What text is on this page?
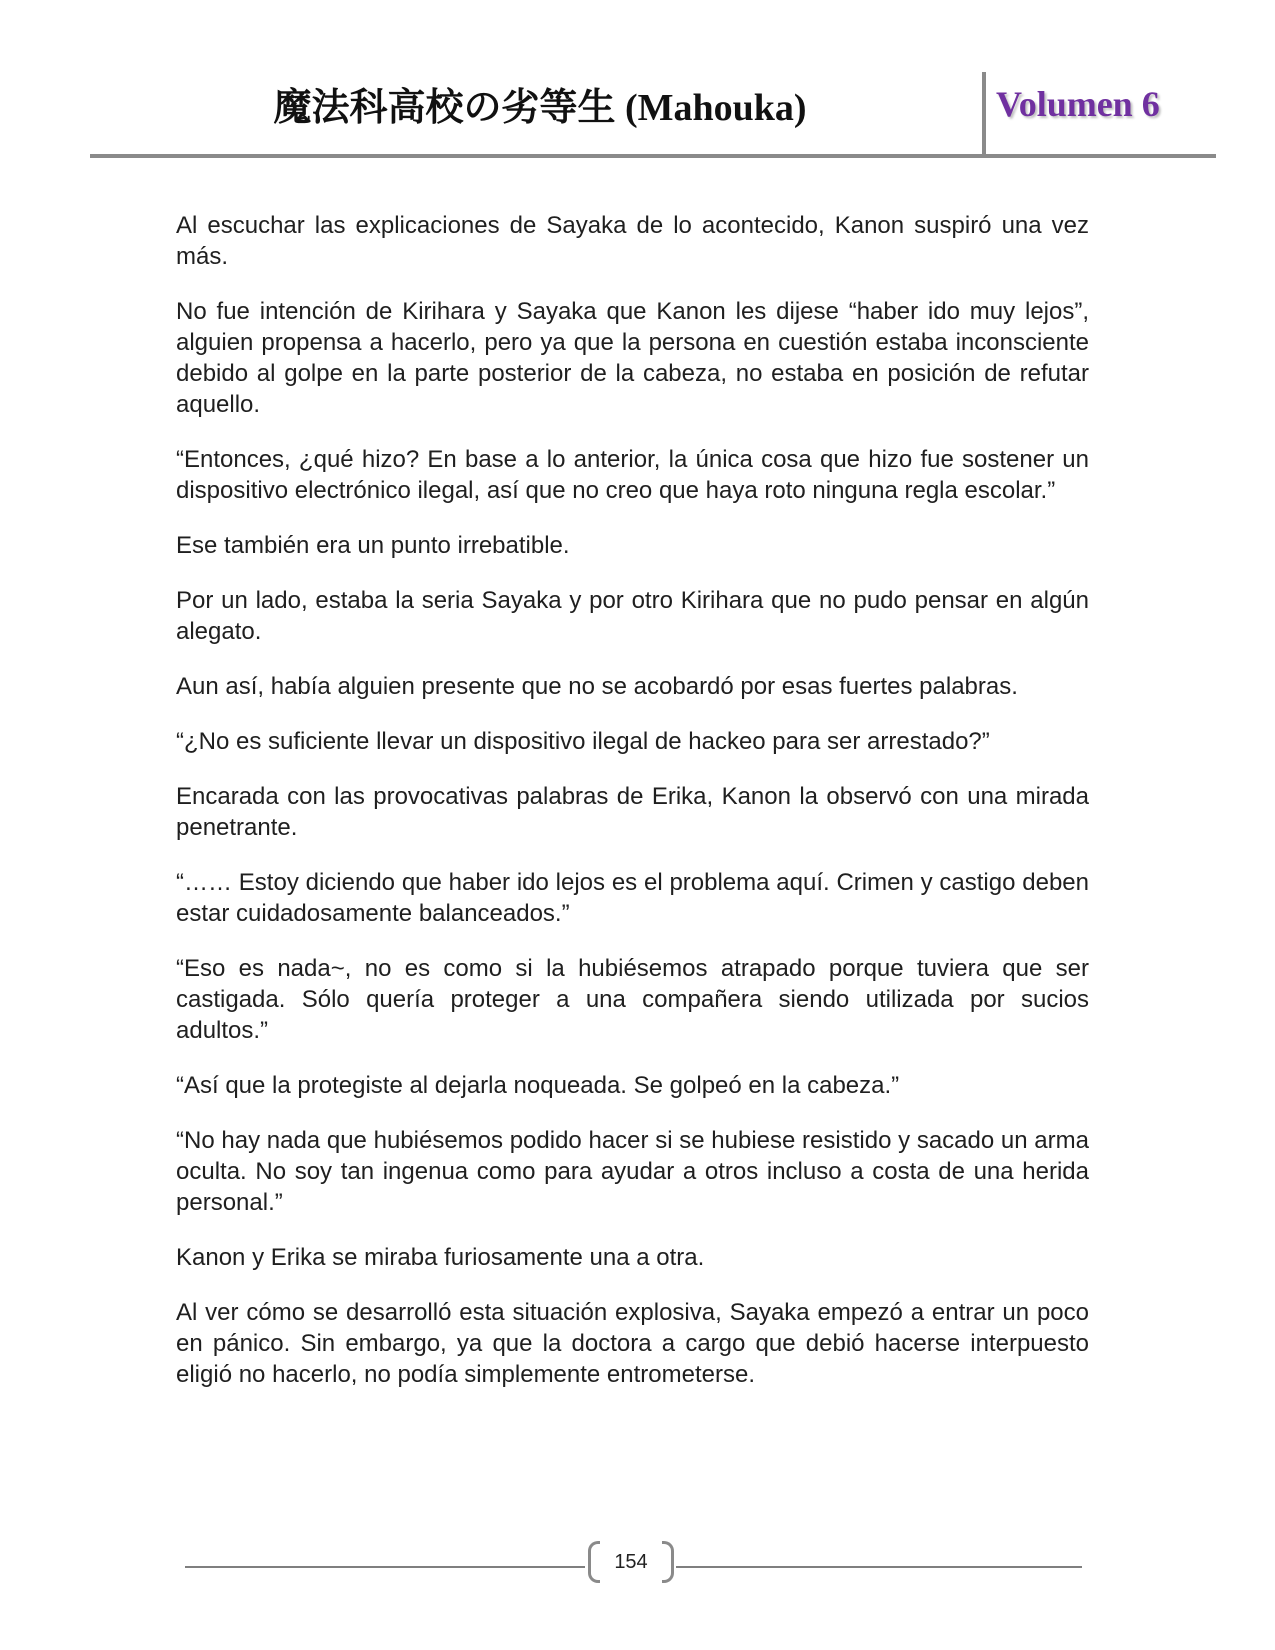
魔法科高校の劣等生 (Mahouka)	Volumen 6

Al escuchar las explicaciones de Sayaka de lo acontecido, Kanon suspiró una vez más.

No fue intención de Kirihara y Sayaka que Kanon les dijese “haber ido muy lejos”, alguien propensa a hacerlo, pero ya que la persona en cuestión estaba inconsciente debido al golpe en la parte posterior de la cabeza, no estaba en posición de refutar aquello.

“Entonces, ¿qué hizo? En base a lo anterior, la única cosa que hizo fue sostener un dispositivo electrónico ilegal, así que no creo que haya roto ninguna regla escolar.”

Ese también era un punto irrebatible.

Por un lado, estaba la seria Sayaka y por otro Kirihara que no pudo pensar en algún alegato.

Aun así, había alguien presente que no se acobardó por esas fuertes palabras.

“¿No es suficiente llevar un dispositivo ilegal de hackeo para ser arrestado?”

Encarada con las provocativas palabras de Erika, Kanon la observó con una mirada penetrante.

“…… Estoy diciendo que haber ido lejos es el problema aquí. Crimen y castigo deben estar cuidadosamente balanceados.”

“Eso es nada~, no es como si la hubiésemos atrapado porque tuviera que ser castigada. Sólo quería proteger a una compañera siendo utilizada por sucios adultos.”

“Así que la protegiste al dejarla noqueada. Se golpeó en la cabeza.”

“No hay nada que hubiésemos podido hacer si se hubiese resistido y sacado un arma oculta. No soy tan ingenua como para ayudar a otros incluso a costa de una herida personal.”

Kanon y Erika se miraba furiosamente una a otra.

Al ver cómo se desarrolló esta situación explosiva, Sayaka empezó a entrar un poco en pánico. Sin embargo, ya que la doctora a cargo que debió hacerse interpuesto eligió no hacerlo, no podía simplemente entrometerse.

154
